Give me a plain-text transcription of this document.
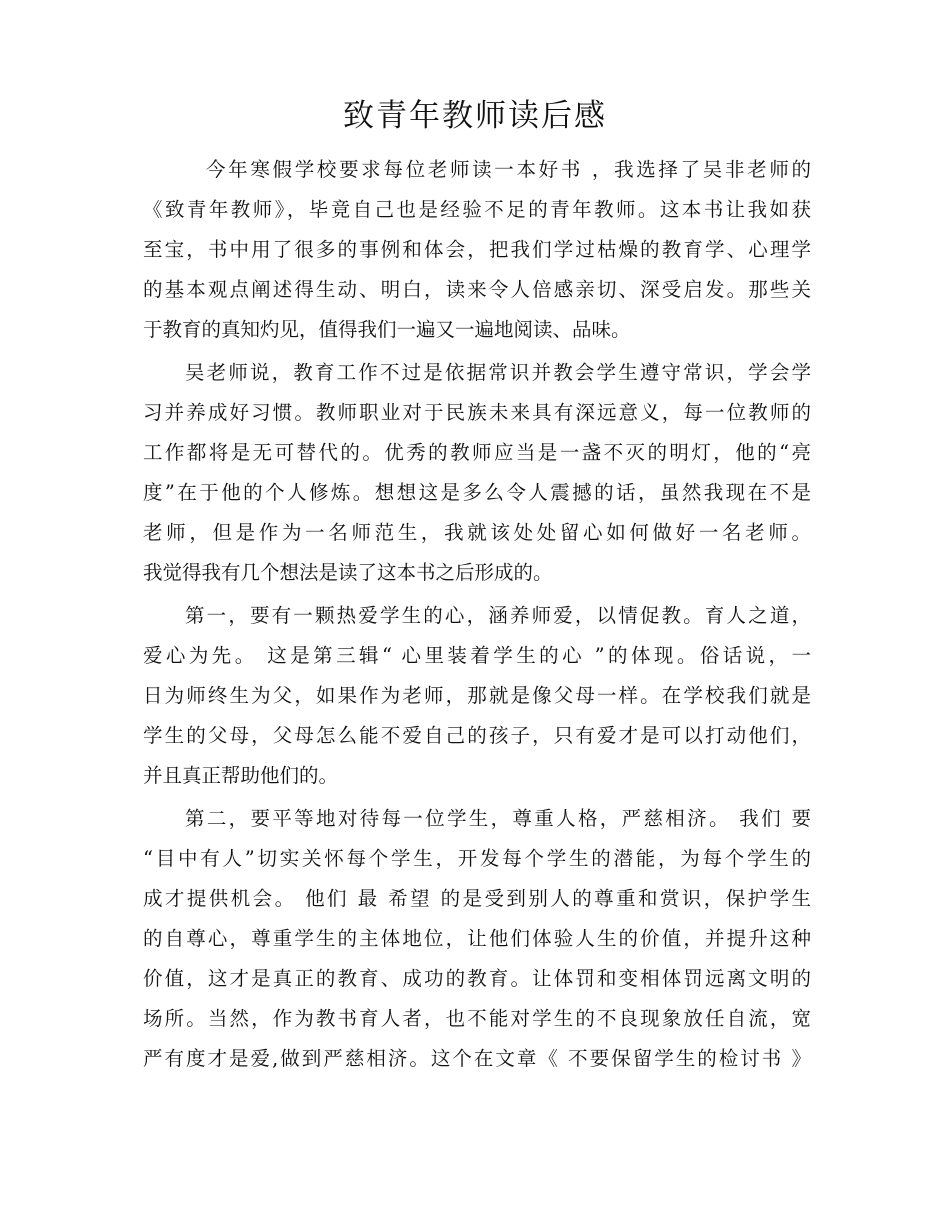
致青年教师读后感

今年寒假学校要求每位老师读一本好书 ，我选择了吴非老师的

《致青年教师》，毕竟自己也是经验不足的青年教师。这本书让我如获

至宝，书中用了很多的事例和体会，把我们学过枯燥的教育学、心理学

的基本观点阐述得生动、明白，读来令人倍感亲切、深受启发。那些关

于教育的真知灼见，值得我们一遍又一遍地阅读、品味。

吴老师说，教育工作不过是依据常识并教会学生遵守常识，学会学

习并养成好习惯。教师职业对于民族未来具有深远意义，每一位教师的

工作都将是无可替代的。优秀的教师应当是一盏不灭的明灯，他的“亮

度”在于他的个人修炼。想想这是多么令人震撼的话，虽然我现在不是

老师，但是作为一名师范生，我就该处处留心如何做好一名老师。

我觉得我有几个想法是读了这本书之后形成的。

第一，要有一颗热爱学生的心，涵养师爱，以情促教。育人之道，

爱心为先。 这是第三辑“ 心里装着学生的心 ”的体现。俗话说，一

日为师终生为父，如果作为老师，那就是像父母一样。在学校我们就是

学生的父母，父母怎么能不爱自己的孩子，只有爱才是可以打动他们，

并且真正帮助他们的。

第二，要平等地对待每一位学生，尊重人格，严慈相济。 我们 要

“目中有人”切实关怀每个学生，开发每个学生的潜能，为每个学生的

成才提供机会。 他们 最 希望 的是受到别人的尊重和赏识，保护学生

的自尊心，尊重学生的主体地位，让他们体验人生的价值，并提升这种

价值，这才是真正的教育、成功的教育。让体罚和变相体罚远离文明的

场所。当然，作为教书育人者，也不能对学生的不良现象放任自流，宽

严有度才是爱,做到严慈相济。这个在文章《 不要保留学生的检讨书 》
